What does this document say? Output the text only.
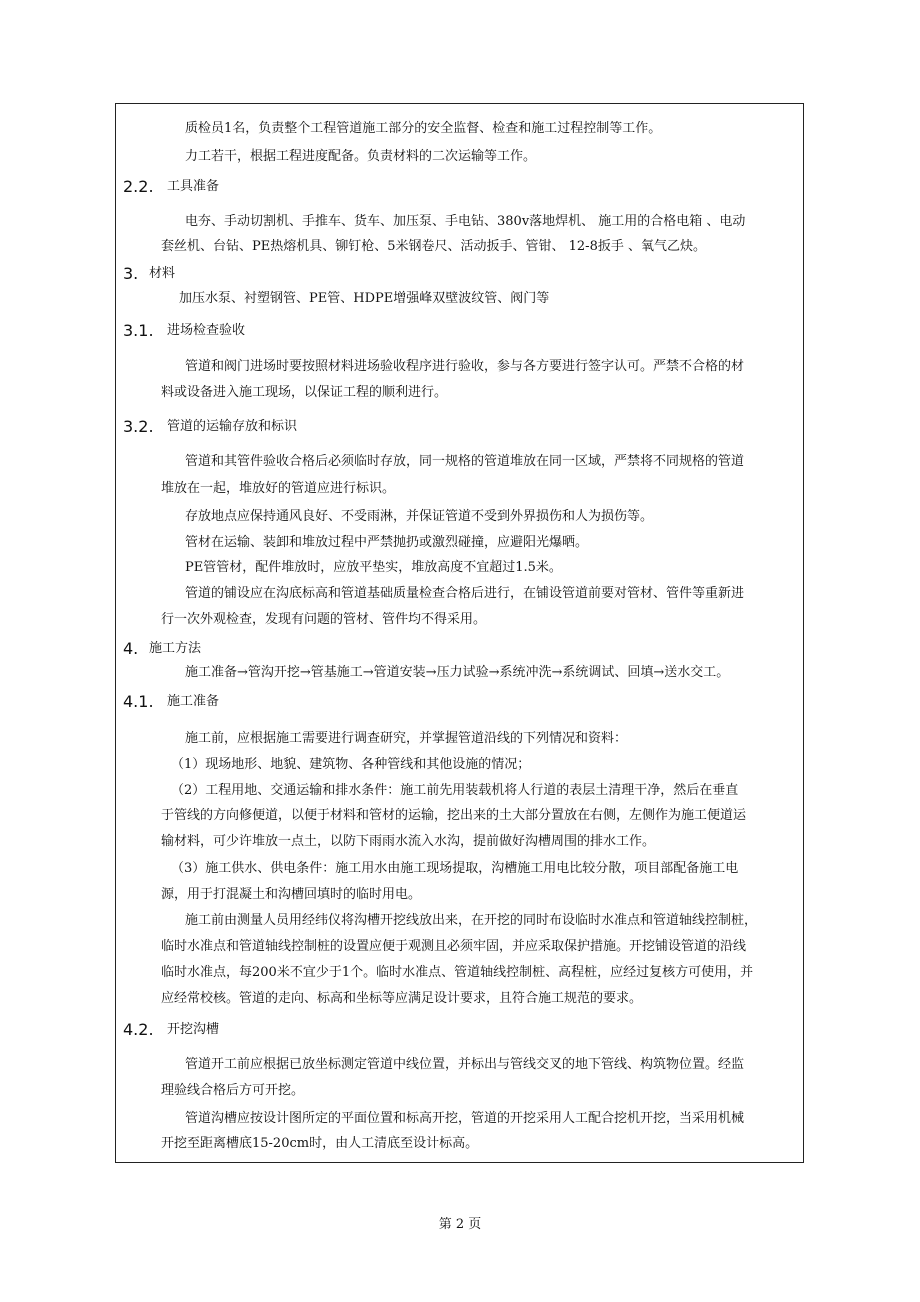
质检员1名，负责整个工程管道施工部分的安全监督、检查和施工过程控制等工作。
力工若干，根据工程进度配备。负责材料的二次运输等工作。
2.2. 工具准备
电夯、手动切割机、手推车、货车、加压泵、手电钻、380v落地焊机、 施工用的合格电箱 、电动
套丝机、台钻、PE热熔机具、铆钉枪、5米钢卷尺、活动扳手、管钳、 12-8扳手 、氧气乙炔。
3. 材料
加压水泵、衬塑钢管、PE管、HDPE增强峰双壁波纹管、阀门等
3.1. 进场检查验收
管道和阀门进场时要按照材料进场验收程序进行验收，参与各方要进行签字认可。严禁不合格的材
料或设备进入施工现场，以保证工程的顺利进行。
3.2. 管道的运输存放和标识
管道和其管件验收合格后必须临时存放，同一规格的管道堆放在同一区域，严禁将不同规格的管道
堆放在一起，堆放好的管道应进行标识。
存放地点应保持通风良好、不受雨淋，并保证管道不受到外界损伤和人为损伤等。
管材在运输、装卸和堆放过程中严禁抛扔或激烈碰撞，应避阳光爆晒。
PE管管材，配件堆放时，应放平垫实，堆放高度不宜超过1.5米。
管道的铺设应在沟底标高和管道基础质量检查合格后进行，在铺设管道前要对管材、管件等重新进
行一次外观检查，发现有问题的管材、管件均不得采用。
4. 施工方法
施工准备→管沟开挖→管基施工→管道安装→压力试验→系统冲洗→系统调试、回填→送水交工。
4.1. 施工准备
施工前，应根据施工需要进行调查研究，并掌握管道沿线的下列情况和资料：
（1）现场地形、地貌、建筑物、各种管线和其他设施的情况；
（2）工程用地、交通运输和排水条件：施工前先用装载机将人行道的表层土清理干净，然后在垂直
于管线的方向修便道，以便于材料和管材的运输，挖出来的土大部分置放在右侧，左侧作为施工便道运
输材料，可少许堆放一点土，以防下雨雨水流入水沟，提前做好沟槽周围的排水工作。
（3）施工供水、供电条件：施工用水由施工现场提取，沟槽施工用电比较分散，项目部配备施工电
源，用于打混凝土和沟槽回填时的临时用电。
施工前由测量人员用经纬仪将沟槽开挖线放出来，在开挖的同时布设临时水准点和管道轴线控制桩，
临时水准点和管道轴线控制桩的设置应便于观测且必须牢固，并应采取保护措施。开挖铺设管道的沿线
临时水准点，每200米不宜少于1个。临时水准点、管道轴线控制桩、高程桩，应经过复核方可使用，并
应经常校核。管道的走向、标高和坐标等应满足设计要求，且符合施工规范的要求。
4.2. 开挖沟槽
管道开工前应根据已放坐标测定管道中线位置，并标出与管线交叉的地下管线、构筑物位置。经监
理验线合格后方可开挖。
管道沟槽应按设计图所定的平面位置和标高开挖，管道的开挖采用人工配合挖机开挖，当采用机械
开挖至距离槽底15-20cm时，由人工清底至设计标高。
第 2 页
